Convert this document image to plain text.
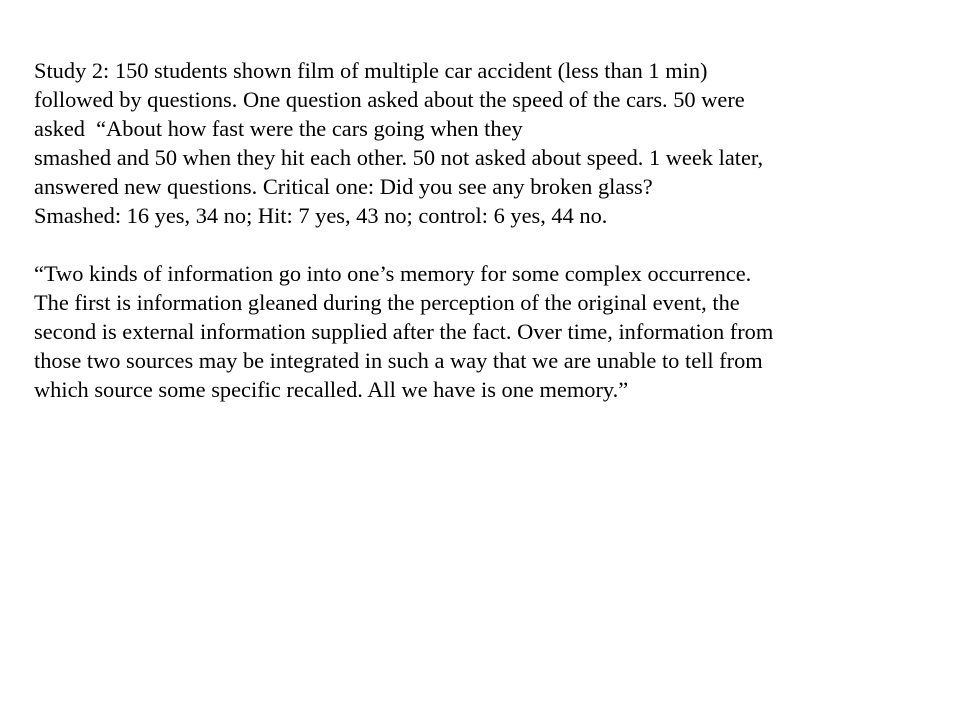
Study 2: 150 students shown film of multiple car accident (less than 1 min)
followed by questions. One question asked about the speed of the cars. 50 were
asked  “About how fast were the cars going when they
smashed and 50 when they hit each other. 50 not asked about speed. 1 week later,
answered new questions. Critical one: Did you see any broken glass?
Smashed: 16 yes, 34 no; Hit: 7 yes, 43 no; control: 6 yes, 44 no.
“Two kinds of information go into one’s memory for some complex occurrence.
The first is information gleaned during the perception of the original event, the
second is external information supplied after the fact. Over time, information from
those two sources may be integrated in such a way that we are unable to tell from
which source some specific recalled. All we have is one memory.”
